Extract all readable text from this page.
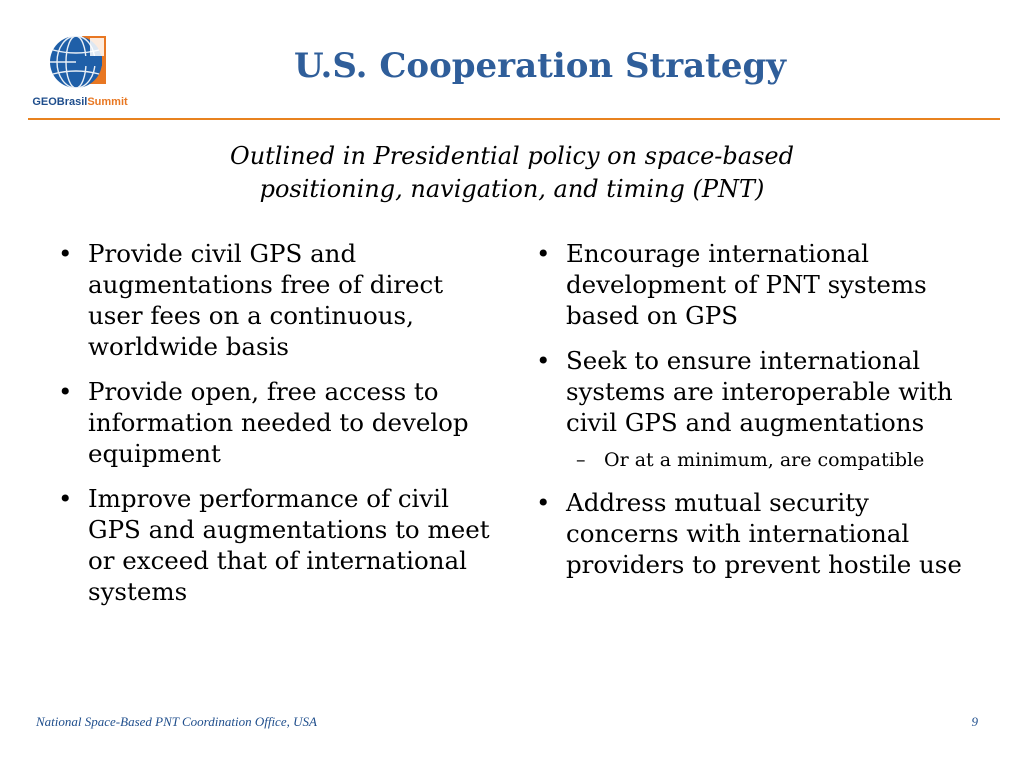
GEOBrasilSummit
U.S. Cooperation Strategy
Outlined in Presidential policy on space-based
positioning, navigation, and timing (PNT)
• Provide civil GPS and augmentations free of direct user fees on a continuous, worldwide basis
• Provide open, free access to information needed to develop equipment
• Improve performance of civil GPS and augmentations to meet or exceed that of international systems
• Encourage international development of PNT systems based on GPS
• Seek to ensure international systems are interoperable with civil GPS and augmentations
– Or at a minimum, are compatible
• Address mutual security concerns with international providers to prevent hostile use
National Space-Based PNT Coordination Office, USA	9
